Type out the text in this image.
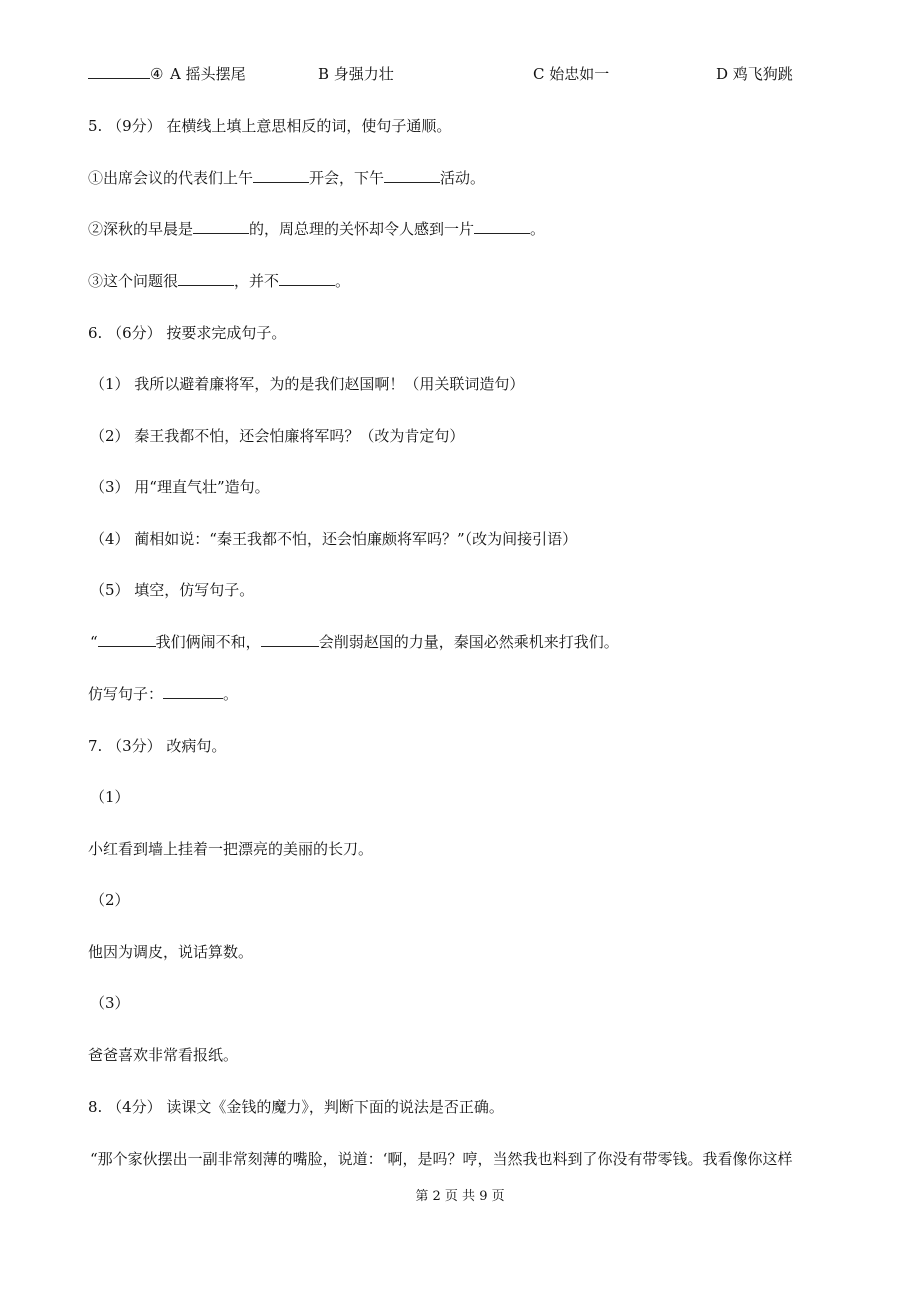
④ A 摇头摆尾	B 身强力壮	C 始忠如一	D 鸡飞狗跳
5. （9分） 在横线上填上意思相反的词，使句子通顺。
①出席会议的代表们上午	开会，下午	活动。
②深秋的早晨是	的，周总理的关怀却令人感到一片	。
③这个问题很	，并不	。
6. （6分） 按要求完成句子。
（1） 我所以避着廉将军，为的是我们赵国啊！（用关联词造句）
（2） 秦王我都不怕，还会怕廉将军吗？（改为肯定句）
（3） 用“理直气壮”造句。
（4） 蔺相如说：“秦王我都不怕，还会怕廉颇将军吗？”（改为间接引语）
（5） 填空，仿写句子。
“	我们俩闹不和，	会削弱赵国的力量，秦国必然乘机来打我们。
仿写句子：	。
7. （3分） 改病句。
（1）
小红看到墙上挂着一把漂亮的美丽的长刀。
（2）
他因为调皮，说话算数。
（3）
爸爸喜欢非常看报纸。
8. （4分） 读课文《金钱的魔力》，判断下面的说法是否正确。
“那个家伙摆出一副非常刻薄的嘴脸，说道：‘啊，是吗？哼，当然我也料到了你没有带零钱。我看像你这样
第 2 页 共 9 页
